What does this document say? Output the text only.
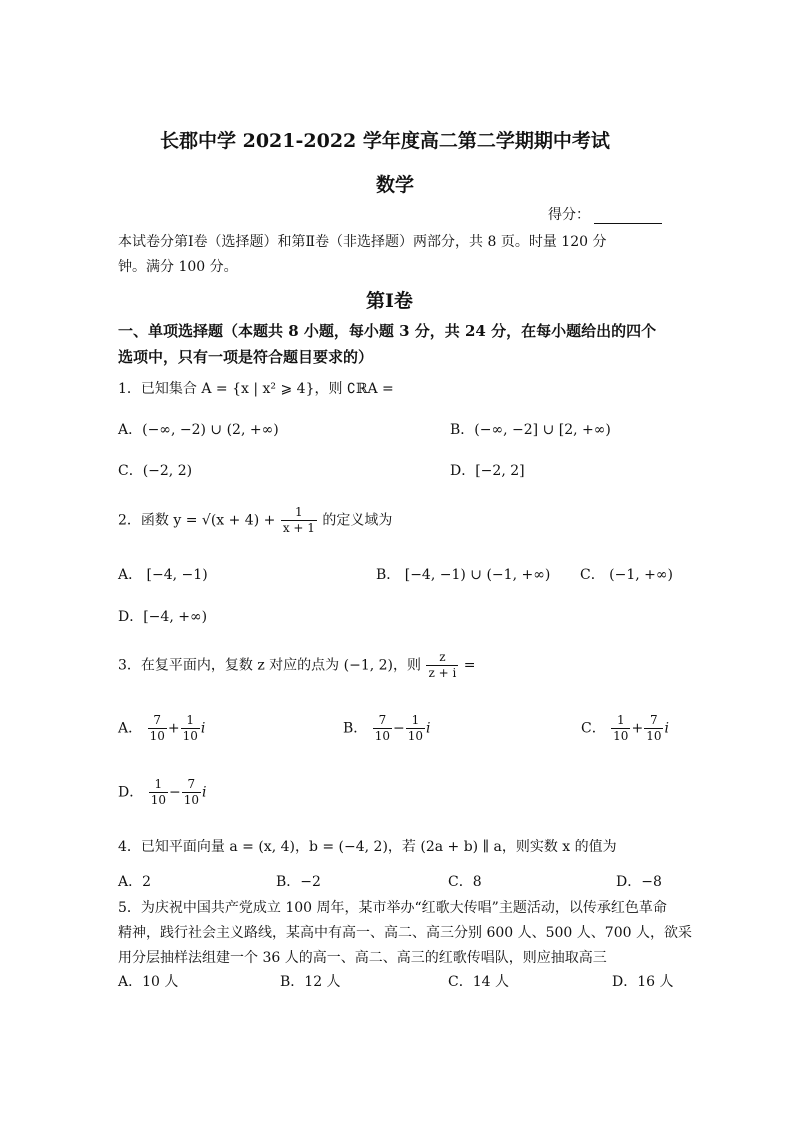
长郡中学 2021-2022 学年度高二第二学期期中考试
数学
得分：
本试卷分第Ⅰ卷（选择题）和第Ⅱ卷（非选择题）两部分，共 8 页。时量 120 分
钟。满分 100 分。
第Ⅰ卷
一、单项选择题（本题共 8 小题，每小题 3 分，共 24 分，在每小题给出的四个
选项中，只有一项是符合题目要求的）
1．已知集合 A = {x | x² ⩾ 4}，则 ∁ℝA =
A．(−∞, −2) ∪ (2, +∞)	B．(−∞, −2] ∪ [2, +∞)
C．(−2, 2)	D．[−2, 2]
2．函数 $y = √(x + 4) + \frac{1}{x + 1}$ 的定义域为
A． [−4, −1)	B． [−4, −1) ∪ (−1, +∞) C． (−1, +∞)
D．[−4, +∞)
3．在复平面内，复数 z 对应的点为 (−1, 2)，则 $\frac{z}{z + i}$ =
A． $\frac{7}{10} + \frac{1}{10}$ i	B． $\frac{7}{10} - \frac{1}{10}$ i	C． $\frac{1}{10} + \frac{7}{10}$ i
D． $\frac{1}{10} - \frac{7}{10}$ i
4．已知平面向量 a = (x, 4)，b = (−4, 2)，若 (2a + b) ∥ a，则实数 x 的值为
A．2	B．−2	C．8	D．−8
5．为庆祝中国共产党成立 100 周年，某市举办“红歌大传唱”主题活动，以传承红色革命
精神，践行社会主义路线，某高中有高一、高二、高三分别 600 人、500 人、700 人，欲采
用分层抽样法组建一个 36 人的高一、高二、高三的红歌传唱队，则应抽取高三
A．10 人	B．12 人	C．14 人	D．16 人
